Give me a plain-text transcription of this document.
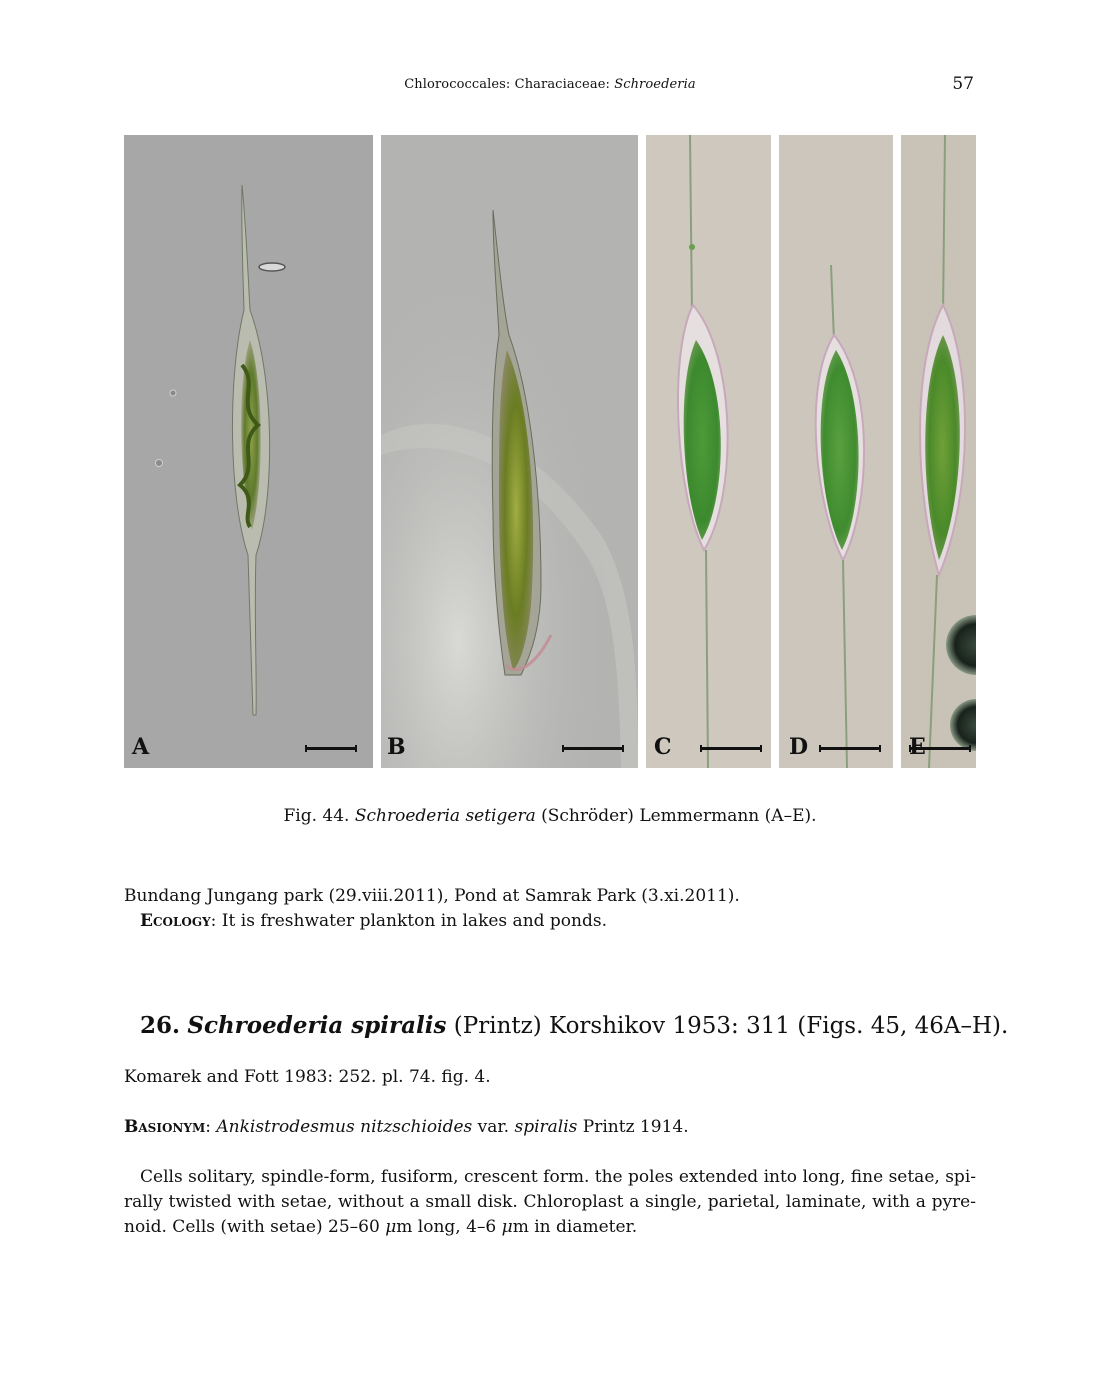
Chlorococcales: Characiaceae: Schroederia	57
A	B	C	D
Fig. 44. Schroederia setigera (Schröder) Lemmermann (A–E).
Bundang Jungang park (29.viii.2011), Pond at Samrak Park (3.xi.2011).
Ecology: It is freshwater plankton in lakes and ponds.
26. Schroederia spiralis (Printz) Korshikov 1953: 311 (Figs. 45, 46A–H).
Komarek and Fott 1983: 252. pl. 74. fig. 4.
Basionym: Ankistrodesmus nitzschioides var. spiralis Printz 1914.
Cells solitary, spindle-form, fusiform, crescent form. the poles extended into long, fine setae, spi-
rally twisted with setae, without a small disk. Chloroplast a single, parietal, laminate, with a pyre-
noid. Cells (with setae) 25–60 μm long, 4–6 μm in diameter.
